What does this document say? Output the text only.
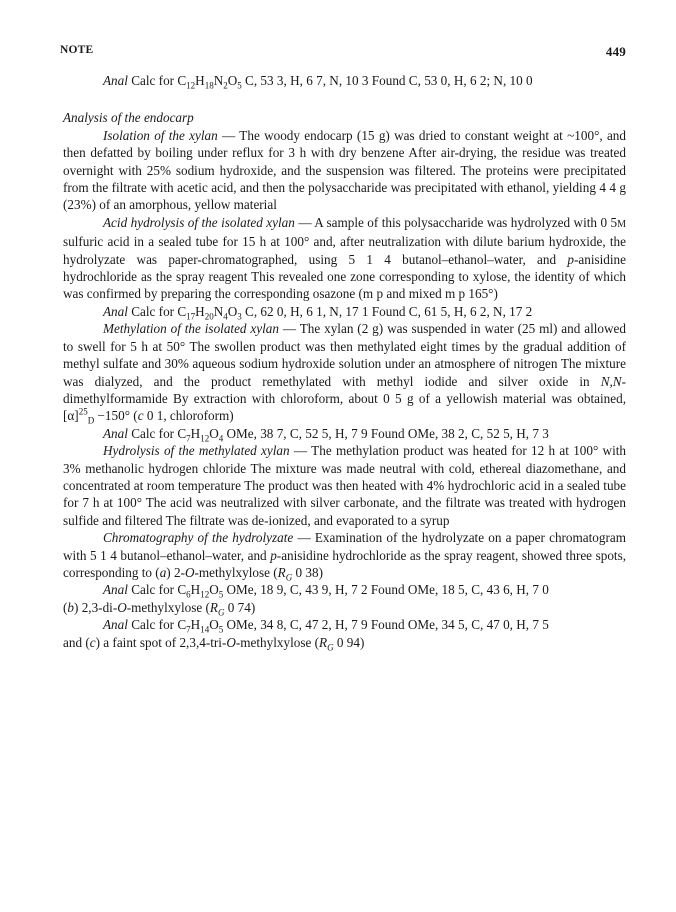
NOTE	449

Anal Calc for $C_{12}H_{18}N_2O_5$ C, 53 3, H, 6 7, N, 10 3 Found C, 53 0, H, 6 2; N, 10 0

Analysis of the endocarp

Isolation of the xylan — The woody endocarp (15 g) was dried to constant weight at ~100°, and then defatted by boiling under reflux for 3 h with dry benzene After air-drying, the residue was treated overnight with 25% sodium hydroxide, and the suspension was filtered. The proteins were precipitated from the filtrate with acetic acid, and then the polysaccharide was precipitated with ethanol, yielding 4 4 g (23%) of an amorphous, yellow material

Acid hydrolysis of the isolated xylan — A sample of this polysaccharide was hydrolyzed with 0 5M sulfuric acid in a sealed tube for 15 h at 100° and, after neutralization with dilute barium hydroxide, the hydrolyzate was paper-chromatographed, using 5 1 4 butanol–ethanol–water, and p-anisidine hydrochloride as the spray reagent This revealed one zone corresponding to xylose, the identity of which was confirmed by preparing the corresponding osazone (m p and mixed m p 165°)

Anal Calc for $C_{17}H_{20}N_4O_3$ C, 62 0, H, 6 1, N, 17 1 Found C, 61 5, H, 6 2, N, 17 2

Methylation of the isolated xylan — The xylan (2 g) was suspended in water (25 ml) and allowed to swell for 5 h at 50° The swollen product was then methylated eight times by the gradual addition of methyl sulfate and 30% aqueous sodium hydroxide solution under an atmosphere of nitrogen The mixture was dialyzed, and the product remethylated with methyl iodide and silver oxide in N,N-dimethylformamide By extraction with chloroform, about 0 5 g of a yellowish material was obtained, $[\alpha]^{25}_D -150^\circ$ (c 0 1, chloroform)

Anal Calc for $C_7H_{12}O_4$ OMe, 38 7, C, 52 5, H, 7 9 Found OMe, 38 2, C, 52 5, H, 7 3

Hydrolysis of the methylated xylan — The methylation product was heated for 12 h at 100° with 3% methanolic hydrogen chloride The mixture was made neutral with cold, ethereal diazomethane, and concentrated at room temperature The product was then heated with 4% hydrochloric acid in a sealed tube for 7 h at 100° The acid was neutralized with silver carbonate, and the filtrate was treated with hydrogen sulfide and filtered The filtrate was de-ionized, and evaporated to a syrup

Chromatography of the hydrolyzate — Examination of the hydrolyzate on a paper chromatogram with 5 1 4 butanol–ethanol–water, and p-anisidine hydrochloride as the spray reagent, showed three spots, corresponding to (a) 2-O-methylxylose ($R_G$ 0 38)

Anal Calc for $C_6H_{12}O_5$ OMe, 18 9, C, 43 9, H, 7 2 Found OMe, 18 5, C, 43 6, H, 7 0

(b) 2,3-di-O-methylxylose ($R_G$ 0 74)

Anal Calc for $C_7H_{14}O_5$ OMe, 34 8, C, 47 2, H, 7 9 Found OMe, 34 5, C, 47 0, H, 7 5

and (c) a faint spot of 2,3,4-tri-O-methylxylose ($R_G$ 0 94)
